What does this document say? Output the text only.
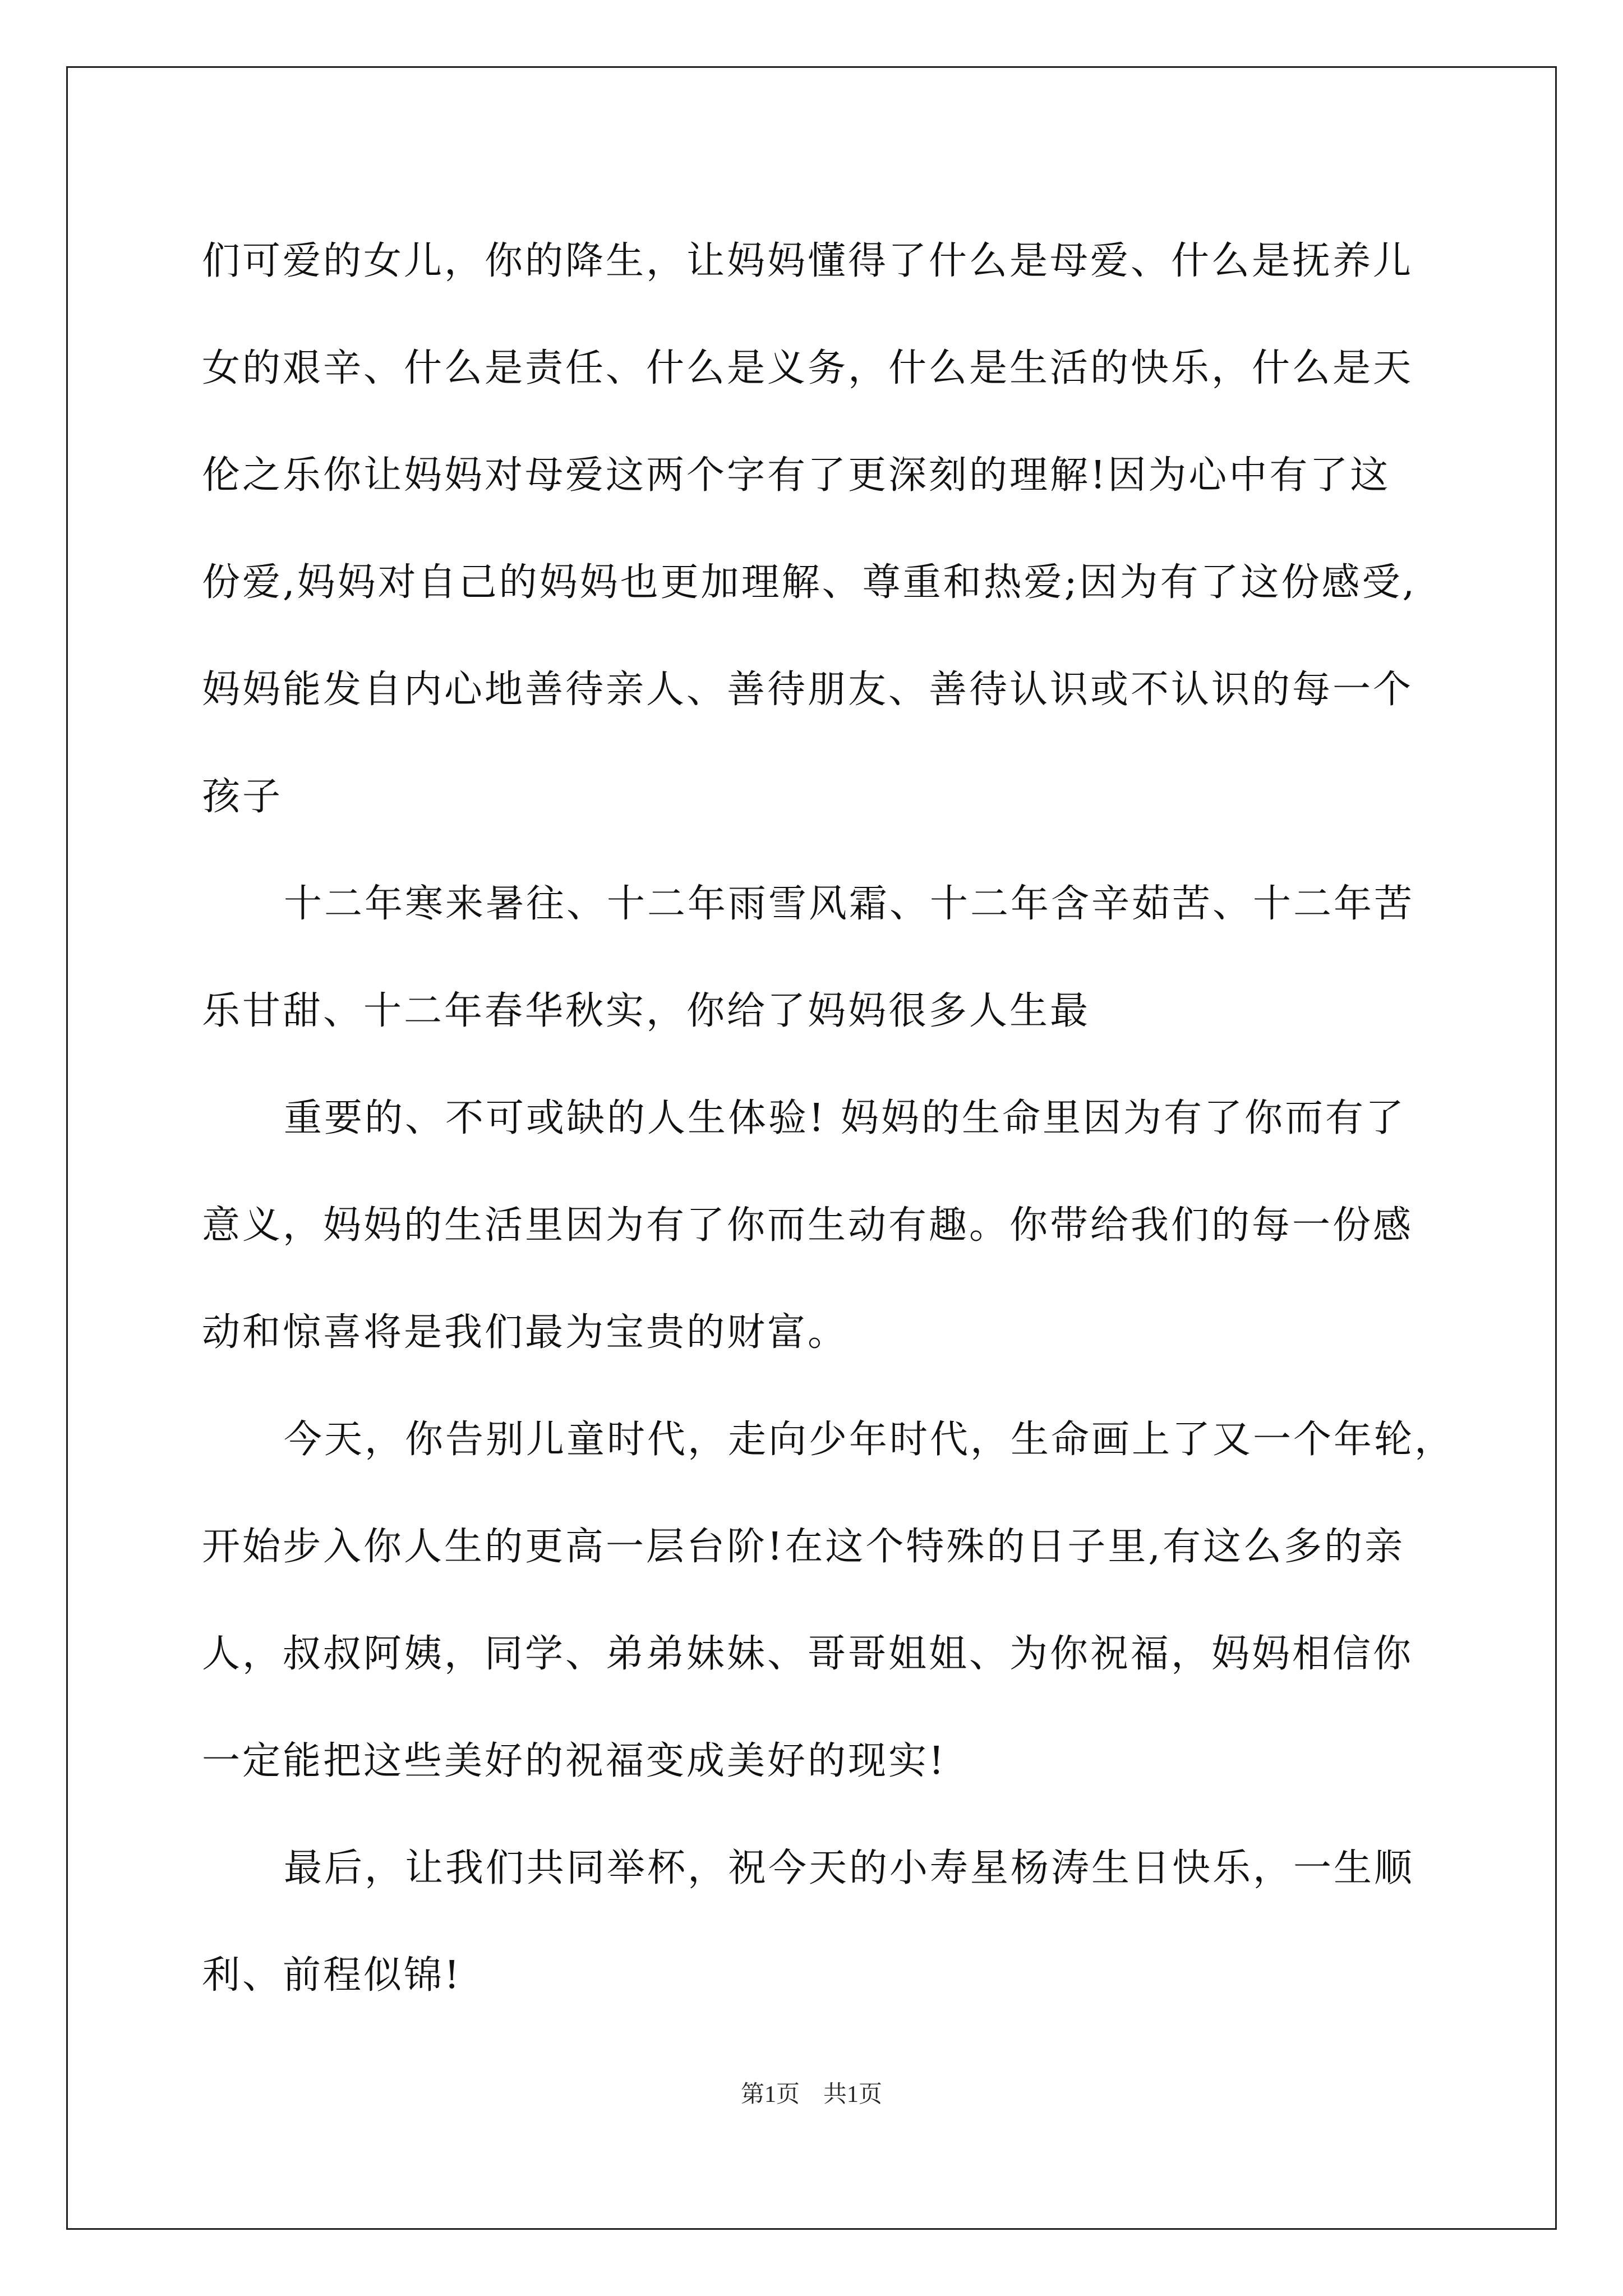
们可爱的女儿，你的降生，让妈妈懂得了什么是母爱、什么是抚养儿
女的艰辛、什么是责任、什么是义务，什么是生活的快乐，什么是天
伦之乐你让妈妈对母爱这两个字有了更深刻的理解!因为心中有了这
份爱,妈妈对自己的妈妈也更加理解、尊重和热爱;因为有了这份感受,
妈妈能发自内心地善待亲人、善待朋友、善待认识或不认识的每一个
孩子
十二年寒来暑往、十二年雨雪风霜、十二年含辛茹苦、十二年苦
乐甘甜、十二年春华秋实，你给了妈妈很多人生最
重要的、不可或缺的人生体验! 妈妈的生命里因为有了你而有了
意义，妈妈的生活里因为有了你而生动有趣。你带给我们的每一份感
动和惊喜将是我们最为宝贵的财富。
今天，你告别儿童时代，走向少年时代，生命画上了又一个年轮，
开始步入你人生的更高一层台阶!在这个特殊的日子里,有这么多的亲
人，叔叔阿姨，同学、弟弟妹妹、哥哥姐姐、为你祝福，妈妈相信你
一定能把这些美好的祝福变成美好的现实!
最后，让我们共同举杯，祝今天的小寿星杨涛生日快乐，一生顺
利、前程似锦!
第1页　共1页
